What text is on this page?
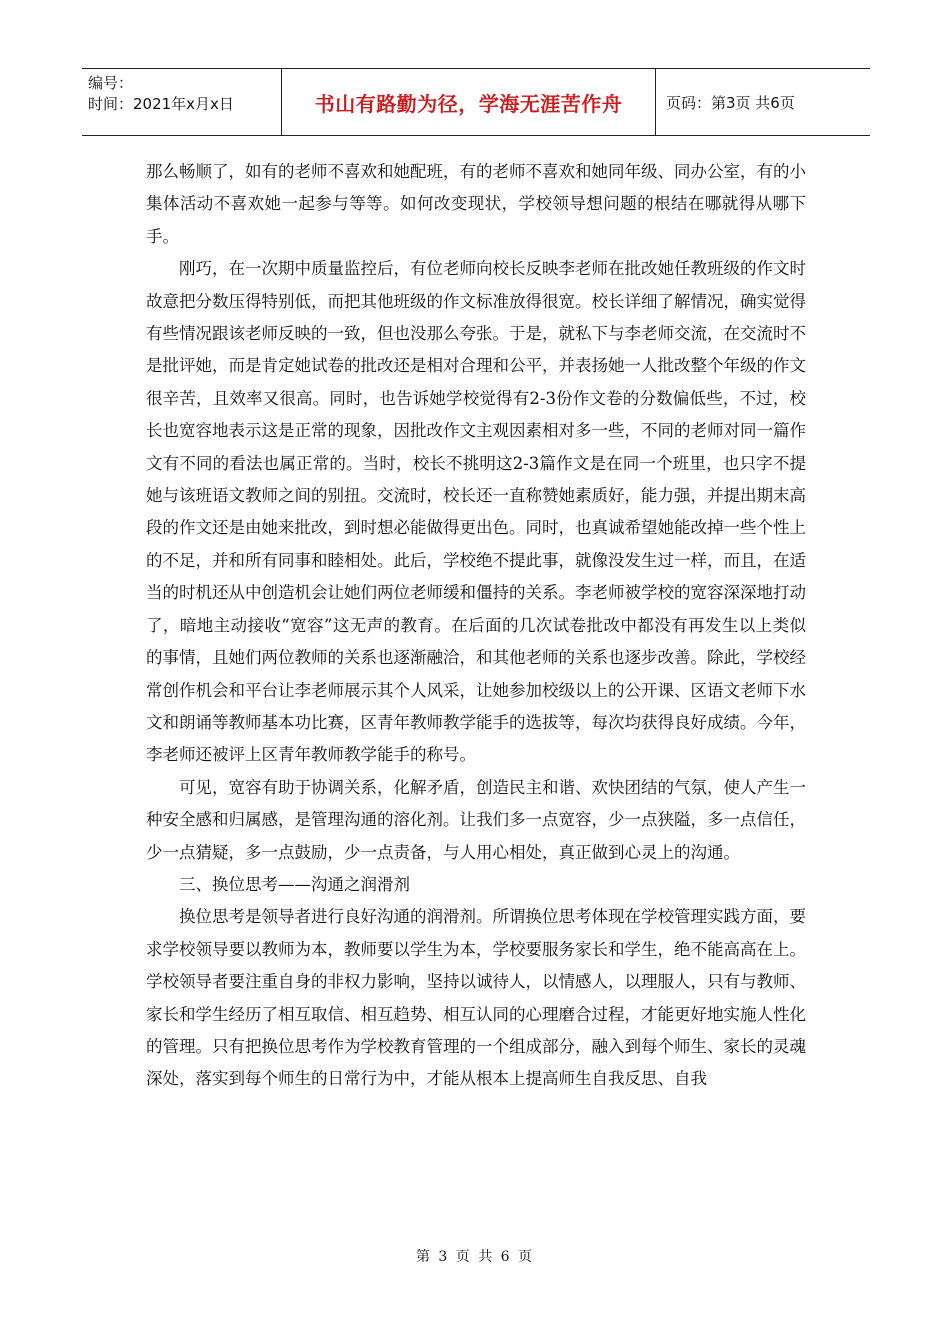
编号：
时间：2021年x月x日	书山有路勤为径，学海无涯苦作舟	页码：第3页 共6页

那么畅顺了，如有的老师不喜欢和她配班，有的老师不喜欢和她同年级、同办公室，有的小集体活动不喜欢她一起参与等等。如何改变现状，学校领导想问题的根结在哪就得从哪下手。

刚巧，在一次期中质量监控后，有位老师向校长反映李老师在批改她任教班级的作文时故意把分数压得特别低，而把其他班级的作文标准放得很宽。校长详细了解情况，确实觉得有些情况跟该老师反映的一致，但也没那么夸张。于是，就私下与李老师交流，在交流时不是批评她，而是肯定她试卷的批改还是相对合理和公平，并表扬她一人批改整个年级的作文很辛苦，且效率又很高。同时，也告诉她学校觉得有2-3份作文卷的分数偏低些，不过，校长也宽容地表示这是正常的现象，因批改作文主观因素相对多一些，不同的老师对同一篇作文有不同的看法也属正常的。当时，校长不挑明这2-3篇作文是在同一个班里，也只字不提她与该班语文教师之间的别扭。交流时，校长还一直称赞她素质好，能力强，并提出期末高段的作文还是由她来批改，到时想必能做得更出色。同时，也真诚希望她能改掉一些个性上的不足，并和所有同事和睦相处。此后，学校绝不提此事，就像没发生过一样，而且，在适当的时机还从中创造机会让她们两位老师缓和僵持的关系。李老师被学校的宽容深深地打动了，暗地主动接收“宽容”这无声的教育。在后面的几次试卷批改中都没有再发生以上类似的事情，且她们两位教师的关系也逐渐融洽，和其他老师的关系也逐步改善。除此，学校经常创作机会和平台让李老师展示其个人风采，让她参加校级以上的公开课、区语文老师下水文和朗诵等教师基本功比赛，区青年教师教学能手的选拔等，每次均获得良好成绩。今年，李老师还被评上区青年教师教学能手的称号。

可见，宽容有助于协调关系，化解矛盾，创造民主和谐、欢快团结的气氛，使人产生一种安全感和归属感，是管理沟通的溶化剂。让我们多一点宽容，少一点狭隘，多一点信任，少一点猜疑，多一点鼓励，少一点责备，与人用心相处，真正做到心灵上的沟通。

三、换位思考——沟通之润滑剂

换位思考是领导者进行良好沟通的润滑剂。所谓换位思考体现在学校管理实践方面，要求学校领导要以教师为本，教师要以学生为本，学校要服务家长和学生，绝不能高高在上。学校领导者要注重自身的非权力影响，坚持以诚待人，以情感人，以理服人，只有与教师、家长和学生经历了相互取信、相互趋势、相互认同的心理磨合过程，才能更好地实施人性化的管理。只有把换位思考作为学校教育管理的一个组成部分，融入到每个师生、家长的灵魂深处，落实到每个师生的日常行为中，才能从根本上提高师生自我反思、自我

第 3 页 共 6 页
